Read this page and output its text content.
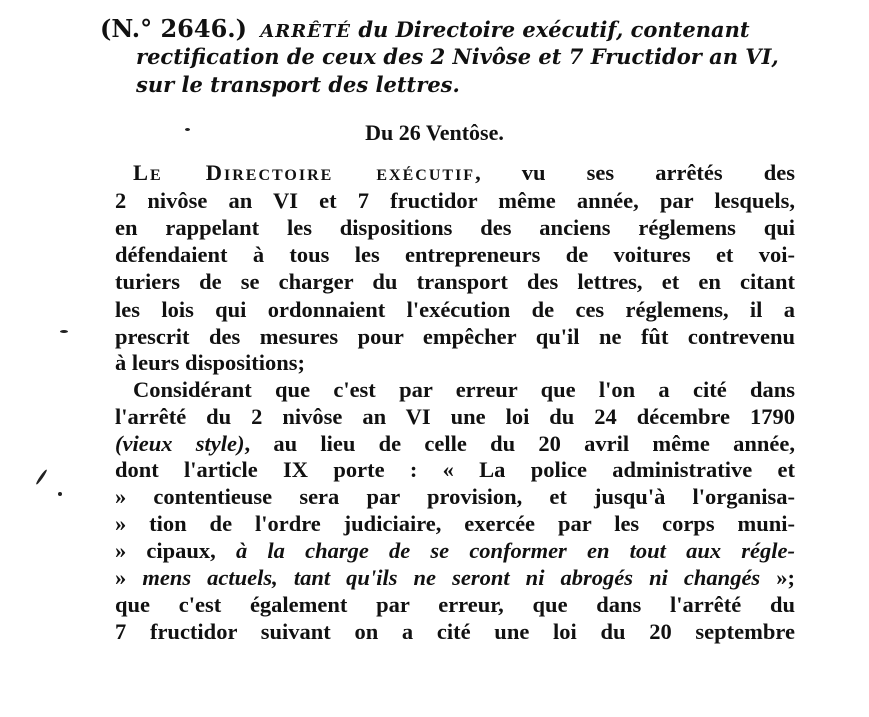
(N.° 2646.) ARRÊTÉ du Directoire exécutif, contenant
rectification de ceux des 2 Nivôse et 7 Fructidor an VI,
sur le transport des lettres.
Du 26 Ventôse.
Le Directoire exécutif, vu ses arrêtés des
2 nivôse an VI et 7 fructidor même année, par lesquels,
en rappelant les dispositions des anciens réglemens qui
défendaient à tous les entrepreneurs de voitures et voi-
turiers de se charger du transport des lettres, et en citant
les lois qui ordonnaient l'exécution de ces réglemens, il a
prescrit des mesures pour empêcher qu'il ne fût contrevenu
à leurs dispositions;
Considérant que c'est par erreur que l'on a cité dans
l'arrêté du 2 nivôse an VI une loi du 24 décembre 1790
(vieux style), au lieu de celle du 20 avril même année,
dont l'article IX porte : « La police administrative et
» contentieuse sera par provision, et jusqu'à l'organisa-
» tion de l'ordre judiciaire, exercée par les corps muni-
» cipaux, à la charge de se conformer en tout aux régle-
» mens actuels, tant qu'ils ne seront ni abrogés ni changés »;
que c'est également par erreur, que dans l'arrêté du
7 fructidor suivant on a cité une loi du 20 septembre
